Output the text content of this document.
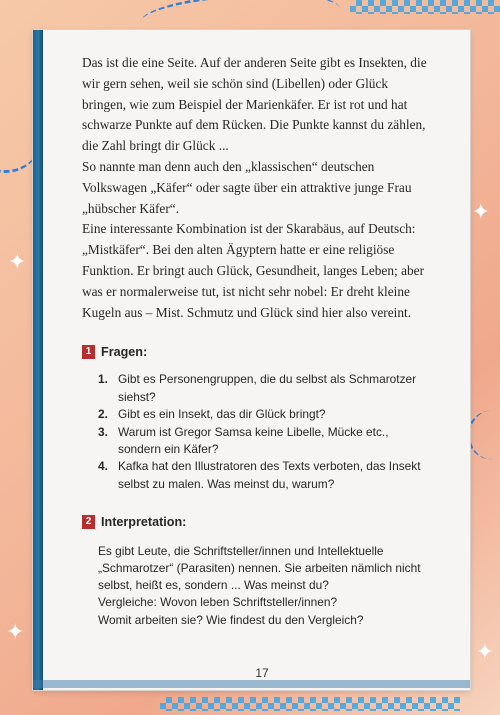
✦
✦
✦
✦

Das ist die eine Seite. Auf der anderen Seite gibt es Insekten, die

wir gern sehen, weil sie schön sind (Libellen) oder Glück

bringen, wie zum Beispiel der Marienkäfer. Er ist rot und hat

schwarze Punkte auf dem Rücken. Die Punkte kannst du zählen,

die Zahl bringt dir Glück ...

So nannte man denn auch den „klassischen“ deutschen

Volkswagen „Käfer“ oder sagte über ein attraktive junge Frau

„hübscher Käfer“.

Eine interessante Kombination ist der Skarabäus, auf Deutsch:

„Mistkäfer“. Bei den alten Ägyptern hatte er eine religiöse

Funktion. Er bringt auch Glück, Gesundheit, langes Leben; aber

was er normalerweise tut, ist nicht sehr nobel: Er dreht kleine

Kugeln aus – Mist. Schmutz und Glück sind hier also vereint.

1 Fragen:
1. Gibt es Personengruppen, die du selbst als Schmarotzer siehst?
2. Gibt es ein Insekt, das dir Glück bringt?
3. Warum ist Gregor Samsa keine Libelle, Mücke etc.,
sondern ein Käfer?
4. Kafka hat den Illustratoren des Texts verboten, das Insekt
selbst zu malen. Was meinst du, warum?
2 Interpretation:

Es gibt Leute, die Schriftsteller/innen und Intellektuelle

„Schmarotzer“ (Parasiten) nennen. Sie arbeiten nämlich nicht

selbst, heißt es, sondern ... Was meinst du?

Vergleiche: Wovon leben Schriftsteller/innen?

Womit arbeiten sie? Wie findest du den Vergleich?

17
